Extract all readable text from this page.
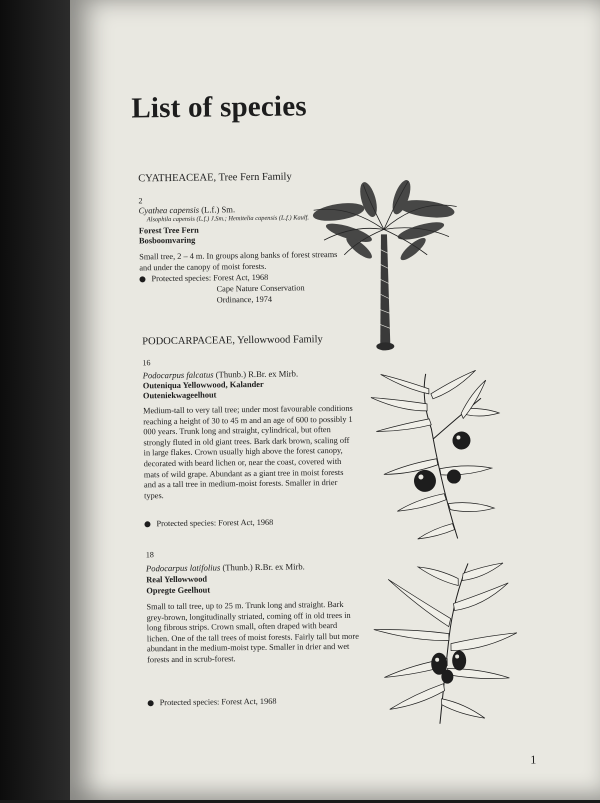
List of species
CYATHEACEAE, Tree Fern Family
2
Cyathea capensis (L.f.) Sm.
Alsophila capensis (L.f.) J.Sm.; Hemitelia capensis (L.f.) Kaulf.
Forest Tree Fern
Bosboomvaring
Small tree, 2 – 4 m. In groups along banks of forest streams and under the canopy of moist forests.
Protected species: Forest Act, 1968
Cape Nature Conservation
Ordinance, 1974
PODOCARPACEAE, Yellowwood Family
16
Podocarpus falcatus (Thunb.) R.Br. ex Mirb.
Outeniqua Yellowwood, Kalander
Outeniekwageelhout
Medium-tall to very tall tree; under most favourable conditions reaching a height of 30 to 45 m and an age of 600 to possibly 1 000 years. Trunk long and straight, cylindrical, but often strongly fluted in old giant trees. Bark dark brown, scaling off in large flakes. Crown usually high above the forest canopy, decorated with beard lichen or, near the coast, covered with mats of wild grape. Abundant as a giant tree in moist forests and as a tall tree in medium-moist forests. Smaller in drier types.
Protected species: Forest Act, 1968
18
Podocarpus latifolius (Thunb.) R.Br. ex Mirb.
Real Yellowwood
Opregte Geelhout
Small to tall tree, up to 25 m. Trunk long and straight. Bark grey-brown, longitudinally striated, coming off in old trees in long fibrous strips. Crown small, often draped with beard lichen. One of the tall trees of moist forests. Fairly tall but more abundant in the medium-moist type. Smaller in drier and wet forests and in scrub-forest.
Protected species: Forest Act, 1968
1
